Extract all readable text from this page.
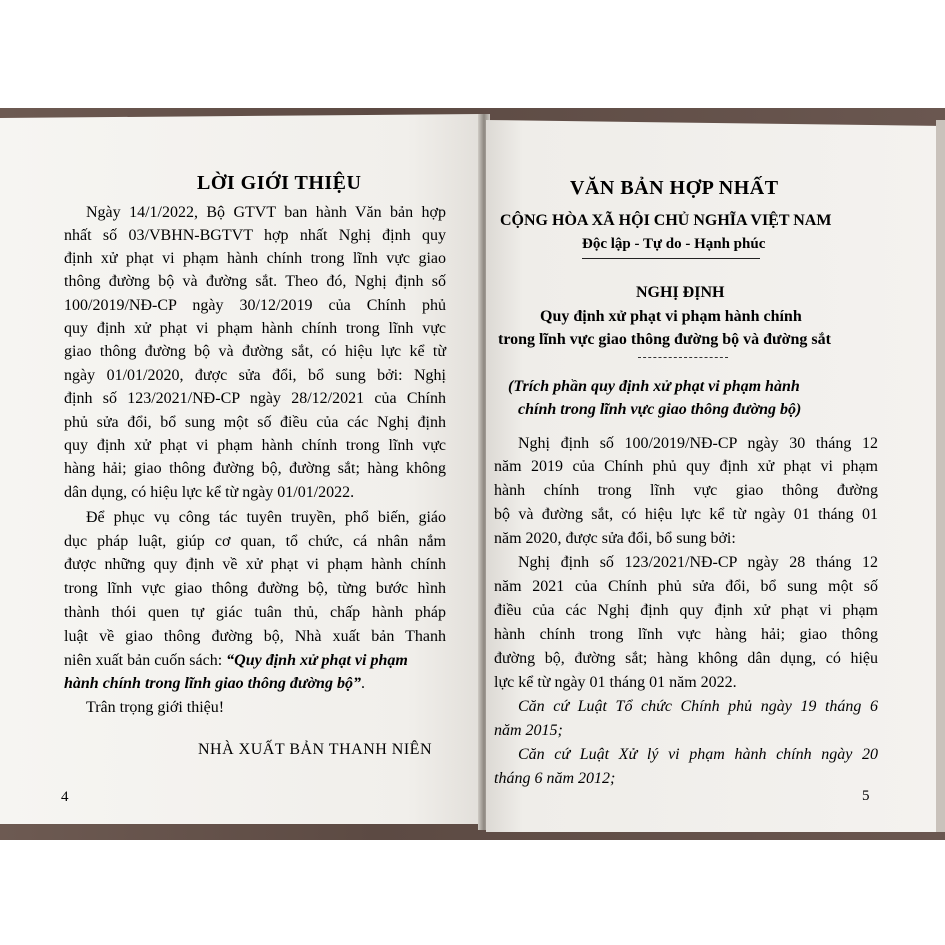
LỜI GIỚI THIỆU
Ngày 14/1/2022, Bộ GTVT ban hành Văn bản hợp
nhất số 03/VBHN-BGTVT hợp nhất Nghị định quy
định xử phạt vi phạm hành chính trong lĩnh vực giao
thông đường bộ và đường sắt. Theo đó, Nghị định số
100/2019/NĐ-CP ngày 30/12/2019 của Chính phủ
quy định xử phạt vi phạm hành chính trong lĩnh vực
giao thông đường bộ và đường sắt, có hiệu lực kể từ
ngày 01/01/2020, được sửa đổi, bổ sung bởi: Nghị
định số 123/2021/NĐ-CP ngày 28/12/2021 của Chính
phủ sửa đổi, bổ sung một số điều của các Nghị định
quy định xử phạt vi phạm hành chính trong lĩnh vực
hàng hải; giao thông đường bộ, đường sắt; hàng không
dân dụng, có hiệu lực kể từ ngày 01/01/2022.
Để phục vụ công tác tuyên truyền, phổ biến, giáo
dục pháp luật, giúp cơ quan, tổ chức, cá nhân nắm
được những quy định về xử phạt vi phạm hành chính
trong lĩnh vực giao thông đường bộ, từng bước hình
thành thói quen tự giác tuân thủ, chấp hành pháp
luật về giao thông đường bộ, Nhà xuất bản Thanh
niên xuất bản cuốn sách: “Quy định xử phạt vi phạm
hành chính trong lĩnh giao thông đường bộ”.
Trân trọng giới thiệu!
NHÀ XUẤT BẢN THANH NIÊN
4
VĂN BẢN HỢP NHẤT
CỘNG HÒA XÃ HỘI CHỦ NGHĨA VIỆT NAM
Độc lập - Tự do - Hạnh phúc
NGHỊ ĐỊNH
Quy định xử phạt vi phạm hành chính
trong lĩnh vực giao thông đường bộ và đường sắt
(Trích phần quy định xử phạt vi phạm hành
chính trong lĩnh vực giao thông đường bộ)
Nghị định số 100/2019/NĐ-CP ngày 30 tháng 12
năm 2019 của Chính phủ quy định xử phạt vi phạm
hành chính trong lĩnh vực giao thông đường
bộ và đường sắt, có hiệu lực kể từ ngày 01 tháng 01
năm 2020, được sửa đổi, bổ sung bởi:
Nghị định số 123/2021/NĐ-CP ngày 28 tháng 12
năm 2021 của Chính phủ sửa đổi, bổ sung một số
điều của các Nghị định quy định xử phạt vi phạm
hành chính trong lĩnh vực hàng hải; giao thông
đường bộ, đường sắt; hàng không dân dụng, có hiệu
lực kể từ ngày 01 tháng 01 năm 2022.
Căn cứ Luật Tổ chức Chính phủ ngày 19 tháng 6
năm 2015;
Căn cứ Luật Xử lý vi phạm hành chính ngày 20
tháng 6 năm 2012;
5
